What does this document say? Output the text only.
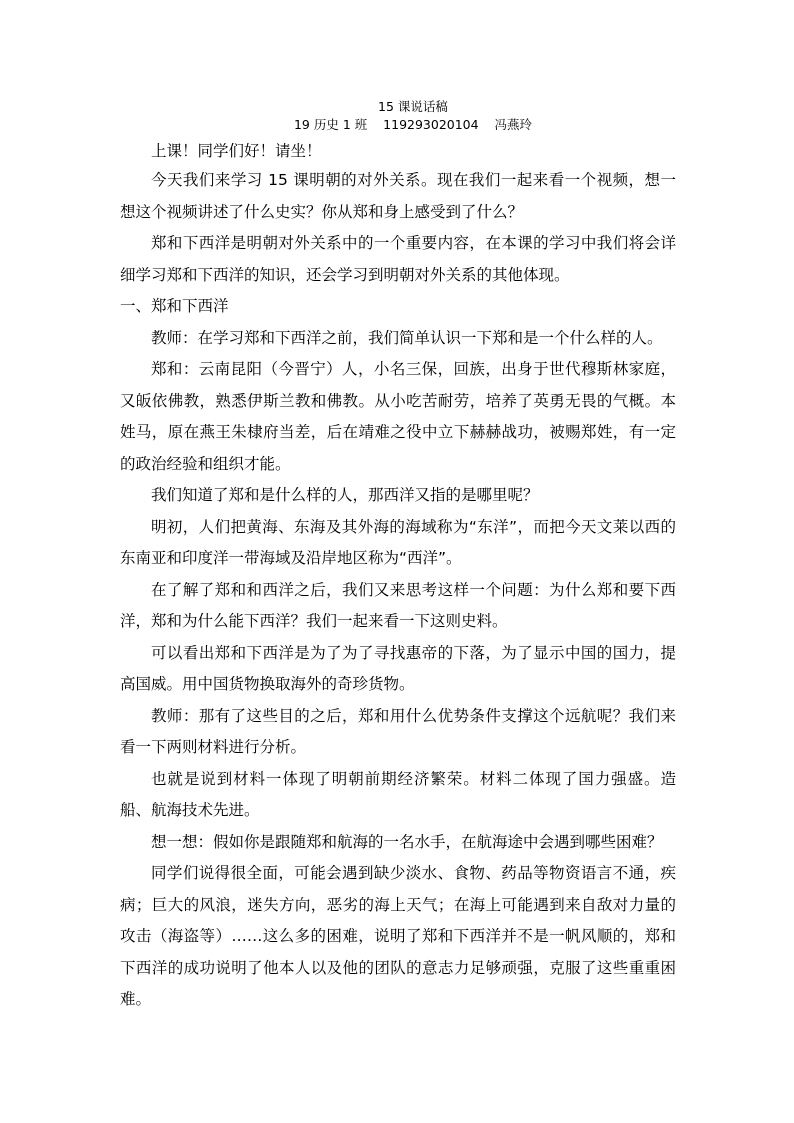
15 课说话稿

19 历史 1 班    119293020104    冯燕玲

上课！同学们好！请坐！

今天我们来学习 15 课明朝的对外关系。现在我们一起来看一个视频，想一想这个视频讲述了什么史实？你从郑和身上感受到了什么？

郑和下西洋是明朝对外关系中的一个重要内容，在本课的学习中我们将会详细学习郑和下西洋的知识，还会学习到明朝对外关系的其他体现。

一、郑和下西洋

教师：在学习郑和下西洋之前，我们简单认识一下郑和是一个什么样的人。

郑和：云南昆阳（今晋宁）人，小名三保，回族，出身于世代穆斯林家庭，又皈依佛教，熟悉伊斯兰教和佛教。从小吃苦耐劳，培养了英勇无畏的气概。本姓马，原在燕王朱棣府当差，后在靖难之役中立下赫赫战功，被赐郑姓，有一定的政治经验和组织才能。

我们知道了郑和是什么样的人，那西洋又指的是哪里呢？

明初，人们把黄海、东海及其外海的海域称为“东洋”，而把今天文莱以西的东南亚和印度洋一带海域及沿岸地区称为“西洋”。

在了解了郑和和西洋之后，我们又来思考这样一个问题：为什么郑和要下西洋，郑和为什么能下西洋？我们一起来看一下这则史料。

可以看出郑和下西洋是为了为了寻找惠帝的下落，为了显示中国的国力，提高国威。用中国货物换取海外的奇珍货物。

教师：那有了这些目的之后，郑和用什么优势条件支撑这个远航呢？我们来看一下两则材料进行分析。

也就是说到材料一体现了明朝前期经济繁荣。材料二体现了国力强盛。造船、航海技术先进。

想一想：假如你是跟随郑和航海的一名水手，在航海途中会遇到哪些困难？

同学们说得很全面，可能会遇到缺少淡水、食物、药品等物资语言不通，疾病；巨大的风浪，迷失方向，恶劣的海上天气；在海上可能遇到来自敌对力量的攻击（海盗等）……这么多的困难，说明了郑和下西洋并不是一帆风顺的，郑和下西洋的成功说明了他本人以及他的团队的意志力足够顽强，克服了这些重重困难。
